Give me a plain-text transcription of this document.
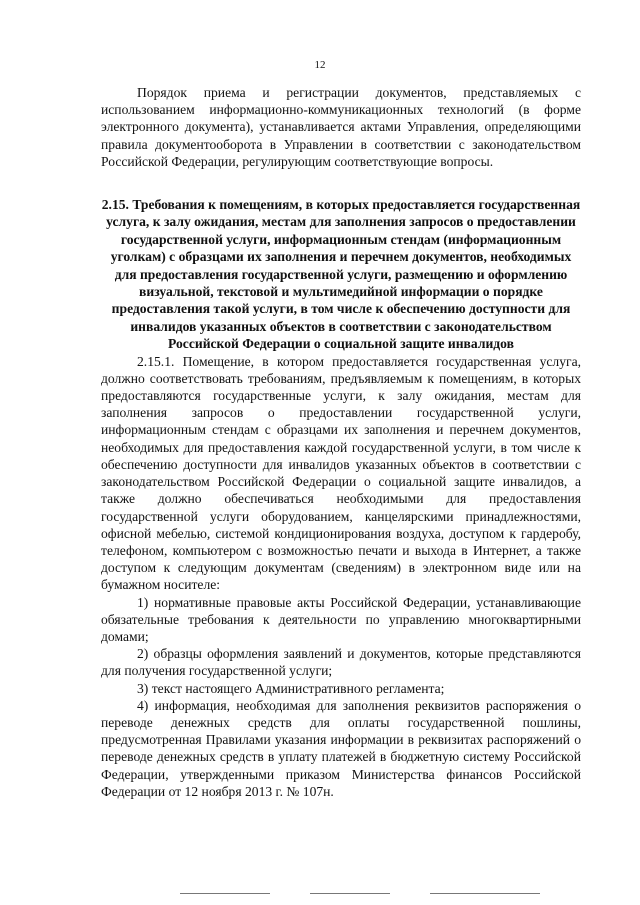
12

Порядок приема и регистрации документов, представляемых с использованием информационно-коммуникационных технологий (в форме электронного документа), устанавливается актами Управления, определяющими правила документооборота в Управлении в соответствии с законодательством Российской Федерации, регулирующим соответствующие вопросы.

2.15. Требования к помещениям, в которых предоставляется государственная услуга, к залу ожидания, местам для заполнения запросов о предоставлении государственной услуги, информационным стендам (информационным уголкам) с образцами их заполнения и перечнем документов, необходимых для предоставления государственной услуги, размещению и оформлению визуальной, текстовой и мультимедийной информации о порядке предоставления такой услуги, в том числе к обеспечению доступности для инвалидов указанных объектов в соответствии с законодательством Российской Федерации о социальной защите инвалидов

2.15.1. Помещение, в котором предоставляется государственная услуга, должно соответствовать требованиям, предъявляемым к помещениям, в которых предоставляются государственные услуги, к залу ожидания, местам для заполнения запросов о предоставлении государственной услуги, информационным стендам с образцами их заполнения и перечнем документов, необходимых для предоставления каждой государственной услуги, в том числе к обеспечению доступности для инвалидов указанных объектов в соответствии с законодательством Российской Федерации о социальной защите инвалидов, а также должно обеспечиваться необходимыми для предоставления государственной услуги оборудованием, канцелярскими принадлежностями, офисной мебелью, системой кондиционирования воздуха, доступом к гардеробу, телефоном, компьютером с возможностью печати и выхода в Интернет, а также доступом к следующим документам (сведениям) в электронном виде или на бумажном носителе:

1) нормативные правовые акты Российской Федерации, устанавливающие обязательные требования к деятельности по управлению многоквартирными домами;

2) образцы оформления заявлений и документов, которые представляются для получения государственной услуги;

3) текст настоящего Административного регламента;

4) информация, необходимая для заполнения реквизитов распоряжения о переводе денежных средств для оплаты государственной пошлины, предусмотренная Правилами указания информации в реквизитах распоряжений о переводе денежных средств в уплату платежей в бюджетную систему Российской Федерации, утвержденными приказом Министерства финансов Российской Федерации от 12 ноября 2013 г. № 107н.
